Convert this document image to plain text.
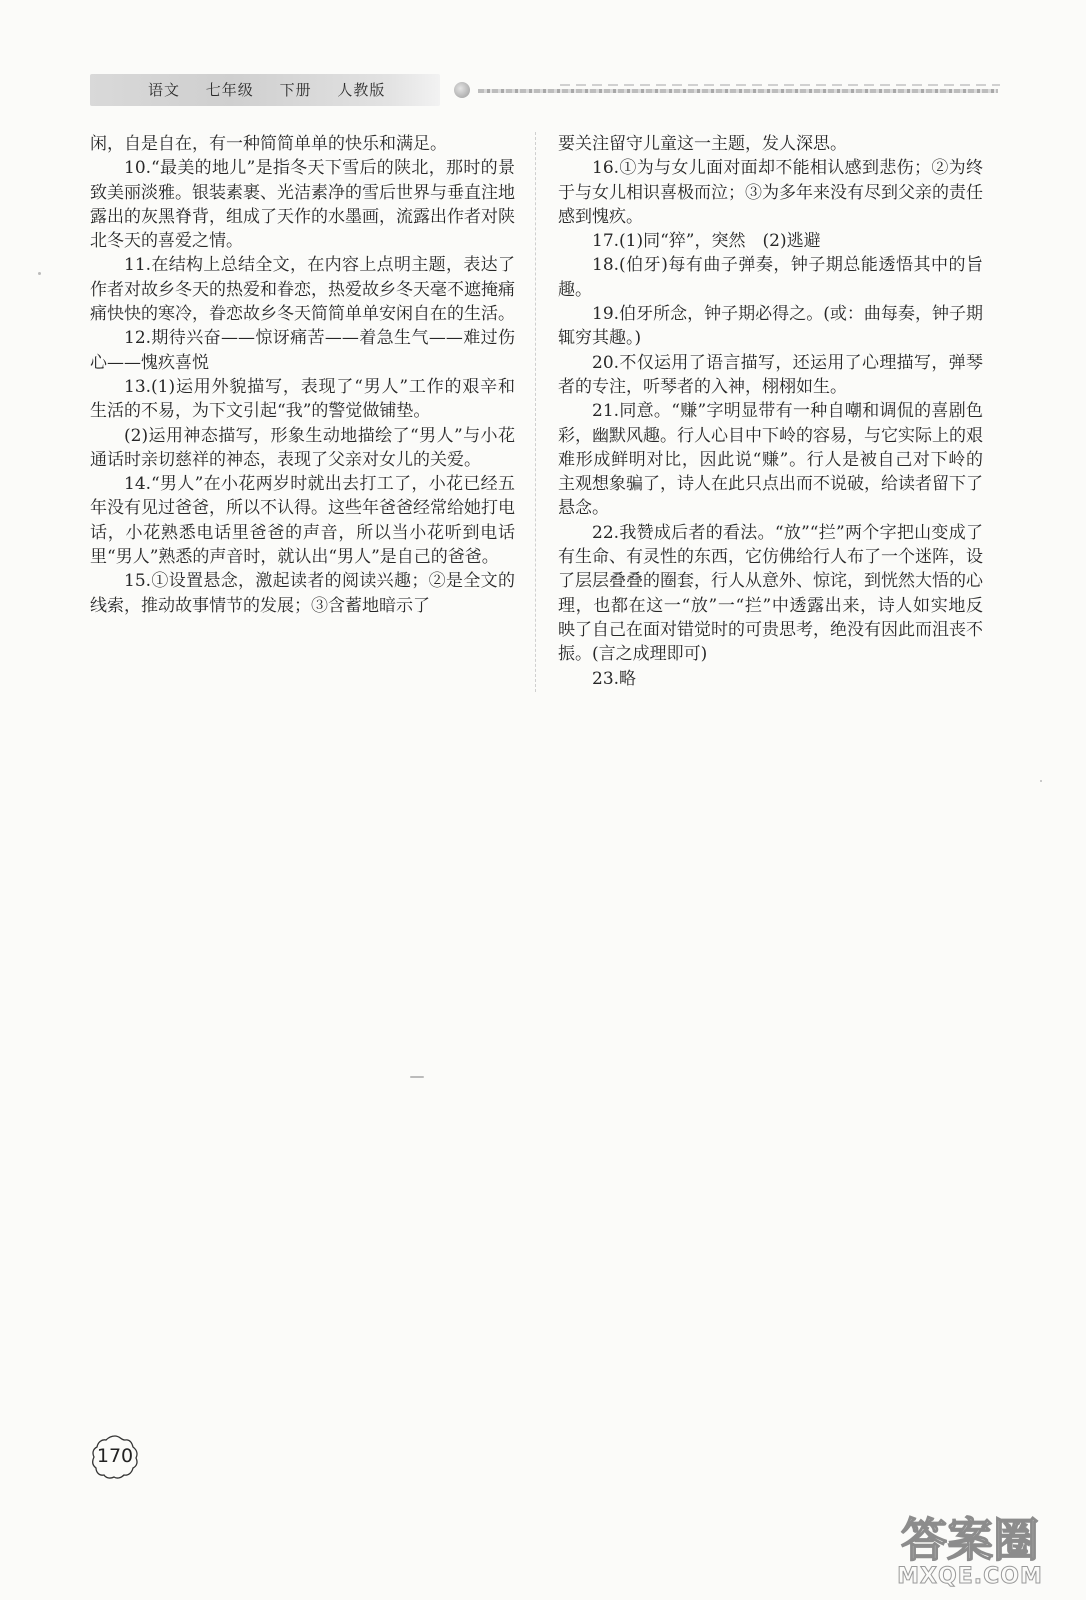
语文 七年级 下册 人教版

闲，自是自在，有一种简简单单的快乐和满足。

10.“最美的地儿”是指冬天下雪后的陕北，那时的景致美丽淡雅。银装素裹、光洁素净的雪后世界与垂直注地露出的灰黑脊背，组成了天作的水墨画，流露出作者对陕北冬天的喜爱之情。

11.在结构上总结全文，在内容上点明主题，表达了作者对故乡冬天的热爱和眷恋，热爱故乡冬天毫不遮掩痛痛快快的寒冷，眷恋故乡冬天简简单单安闲自在的生活。

12.期待兴奋——惊讶痛苦——着急生气——难过伤心——愧疚喜悦

13.(1)运用外貌描写，表现了“男人”工作的艰辛和生活的不易，为下文引起“我”的警觉做铺垫。

(2)运用神态描写，形象生动地描绘了“男人”与小花通话时亲切慈祥的神态，表现了父亲对女儿的关爱。

14.“男人”在小花两岁时就出去打工了，小花已经五年没有见过爸爸，所以不认得。这些年爸爸经常给她打电话，小花熟悉电话里爸爸的声音，所以当小花听到电话里“男人”熟悉的声音时，就认出“男人”是自己的爸爸。

15.①设置悬念，激起读者的阅读兴趣；②是全文的线索，推动故事情节的发展；③含蓄地暗示了

要关注留守儿童这一主题，发人深思。

16.①为与女儿面对面却不能相认感到悲伤；②为终于与女儿相识喜极而泣；③为多年来没有尽到父亲的责任感到愧疚。

17.(1)同“猝”，突然　(2)逃避

18.(伯牙)每有曲子弹奏，钟子期总能透悟其中的旨趣。

19.伯牙所念，钟子期必得之。(或：曲每奏，钟子期辄穷其趣。)

20.不仅运用了语言描写，还运用了心理描写，弹琴者的专注，听琴者的入神，栩栩如生。

21.同意。“赚”字明显带有一种自嘲和调侃的喜剧色彩，幽默风趣。行人心目中下岭的容易，与它实际上的艰难形成鲜明对比，因此说“赚”。行人是被自己对下岭的主观想象骗了，诗人在此只点出而不说破，给读者留下了悬念。

22.我赞成后者的看法。“放”“拦”两个字把山变成了有生命、有灵性的东西，它仿佛给行人布了一个迷阵，设了层层叠叠的圈套，行人从意外、惊诧，到恍然大悟的心理，也都在这一“放”一“拦”中透露出来，诗人如实地反映了自己在面对错觉时的可贵思考，绝没有因此而沮丧不振。(言之成理即可)

23.略

170
答案圈
MXQE.COM
